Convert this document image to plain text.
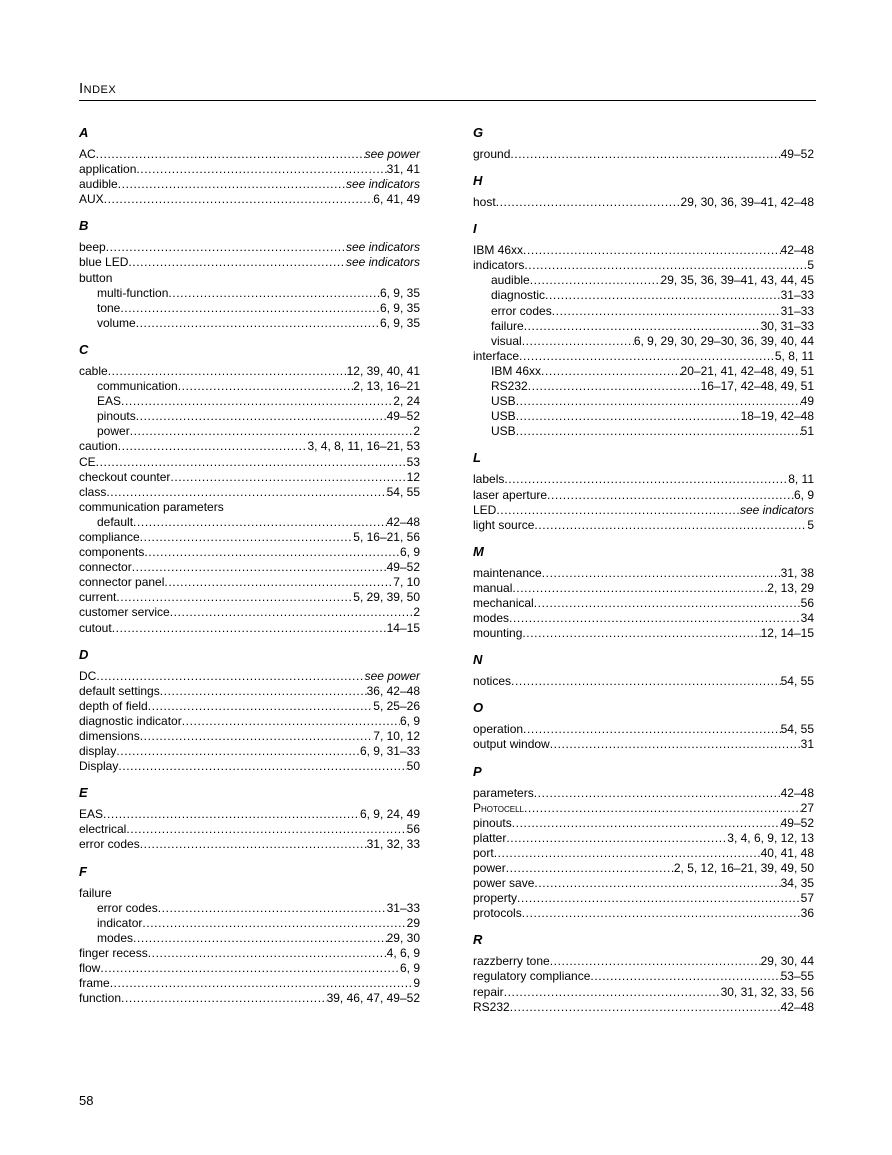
Index
A
AC .....	see power
application .....	31, 41
audible .....	see indicators
AUX .....	6, 41, 49
B
beep .....	see indicators
blue LED .....	see indicators
button
multi-function .....	6, 9, 35
tone .....	6, 9, 35
volume .....	6, 9, 35
C
cable .....	12, 39, 40, 41
communication .....	2, 13, 16–21
EAS .....	2, 24
pinouts .....	49–52
power .....	2
caution .....	3, 4, 8, 11, 16–21, 53
CE .....	53
checkout counter .....	12
class .....	54, 55
communication parameters
default .....	42–48
compliance .....	5, 16–21, 56
components .....	6, 9
connector .....	49–52
connector panel .....	7, 10
current .....	5, 29, 39, 50
customer service .....	2
cutout .....	14–15
D
DC .....	see power
default settings .....	36, 42–48
depth of field .....	5, 25–26
diagnostic indicator .....	6, 9
dimensions .....	7, 10, 12
display .....	6, 9, 31–33
Display .....	50
E
EAS .....	6, 9, 24, 49
electrical .....	56
error codes .....	31, 32, 33
F
failure
error codes .....	31–33
indicator .....	29
modes .....	29, 30
finger recess .....	4, 6, 9
flow .....	6, 9
frame .....	9
function .....	39, 46, 47, 49–52
G
ground .....	49–52
H
host .....	29, 30, 36, 39–41, 42–48
I
IBM 46xx .....	42–48
indicators .....	5
audible .....	29, 35, 36, 39–41, 43, 44, 45
diagnostic .....	31–33
error codes .....	31–33
failure .....	30, 31–33
visual .....	6, 9, 29, 30, 29–30, 36, 39, 40, 44
interface .....	5, 8, 11
IBM 46xx .....	20–21, 41, 42–48, 49, 51
RS232 .....	16–17, 42–48, 49, 51
USB .....	49
USB .....	18–19, 42–48
USB .....	51
L
labels .....	8, 11
laser aperture .....	6, 9
LED .....	see indicators
light source .....	5
M
maintenance .....	31, 38
manual .....	2, 13, 29
mechanical .....	56
modes .....	34
mounting .....	12, 14–15
N
notices .....	54, 55
O
operation .....	54, 55
output window .....	31
P
parameters .....	42–48
Photocell .....	27
pinouts .....	49–52
platter .....	3, 4, 6, 9, 12, 13
port .....	40, 41, 48
power .....	2, 5, 12, 16–21, 39, 49, 50
power save .....	34, 35
property .....	57
protocols .....	36
R
razzberry tone .....	29, 30, 44
regulatory compliance .....	53–55
repair .....	30, 31, 32, 33, 56
RS232 .....	42–48
58
